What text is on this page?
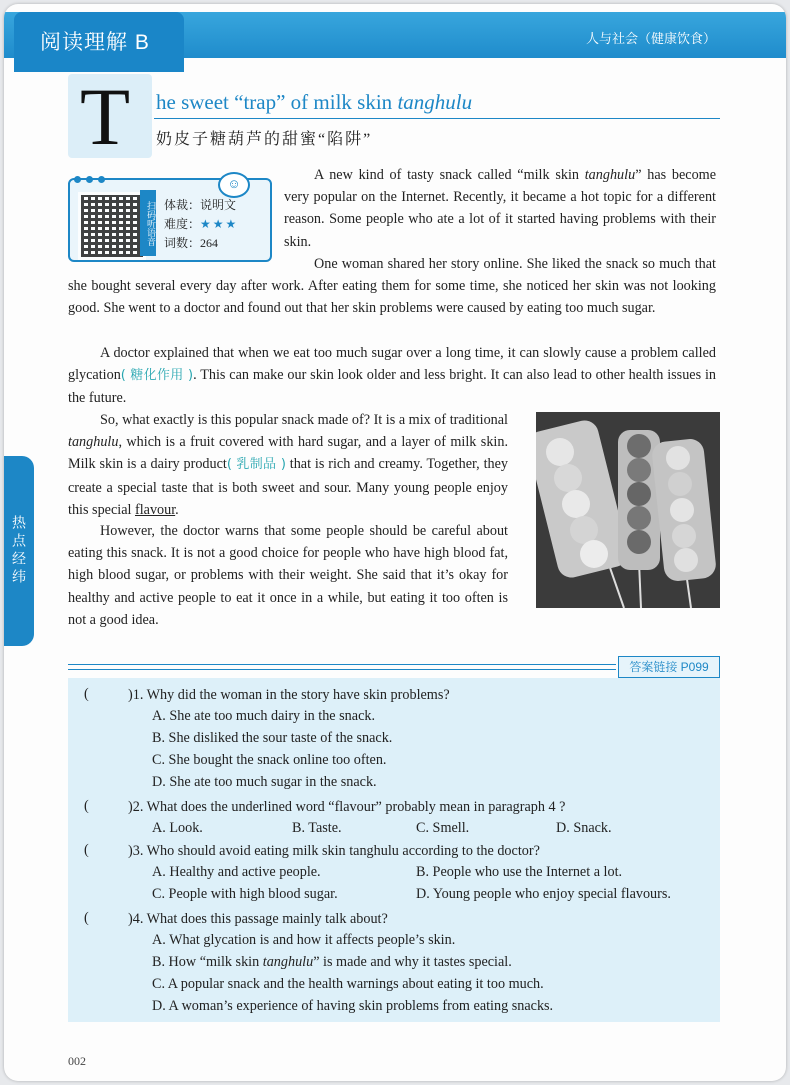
阅读理解 B	人与社会（健康饮食）
T he sweet “trap” of milk skin tanghulu
奶皮子糖葫芦的甜蜜“陷阱”
扫码听语音 体裁：说明文
难度：★★★
词数：264
☺
A new kind of tasty snack called “milk skin tanghulu” has become very popular on the Internet. Recently, it became a hot topic for a different reason. Some people who ate a lot of it started having problems with their skin.
One woman shared her story online. She liked the snack so much that she bought several every day after work. After eating them for some time, she noticed her skin was not looking good. She went to a doctor and found out that her skin problems were caused by eating too much sugar.
A doctor explained that when we eat too much sugar over a long time, it can slowly cause a problem called glycation( 糖化作用 ). This can make our skin look older and less bright. It can also lead to other health issues in the future.
So, what exactly is this popular snack made of? It is a mix of traditional tanghulu, which is a fruit covered with hard sugar, and a layer of milk skin. Milk skin is a dairy product( 乳制品 ) that is rich and creamy. Together, they create a special taste that is both sweet and sour. Many young people enjoy this special flavour.
However, the doctor warns that some people should be careful about eating this snack. It is not a good choice for people who have high blood fat, high blood sugar, or problems with their weight. She said that it’s okay for healthy and active people to eat it once in a while, but eating it too often is not a good idea.
热点经纬
答案链接 P099
(	)1. Why did the woman in the story have skin problems?
A. She ate too much dairy in the snack.
B. She disliked the sour taste of the snack.
C. She bought the snack online too often.
D. She ate too much sugar in the snack.
(	)2. What does the underlined word “flavour” probably mean in paragraph 4 ?
A. Look.	B. Taste.	C. Smell.	D. Snack.
(	)3. Who should avoid eating milk skin tanghulu according to the doctor?
A. Healthy and active people.	B. People who use the Internet a lot.
C. People with high blood sugar.	D. Young people who enjoy special flavours.
(	)4. What does this passage mainly talk about?
A. What glycation is and how it affects people’s skin.
B. How “milk skin tanghulu” is made and why it tastes special.
C. A popular snack and the health warnings about eating it too much.
D. A woman’s experience of having skin problems from eating snacks.
002
